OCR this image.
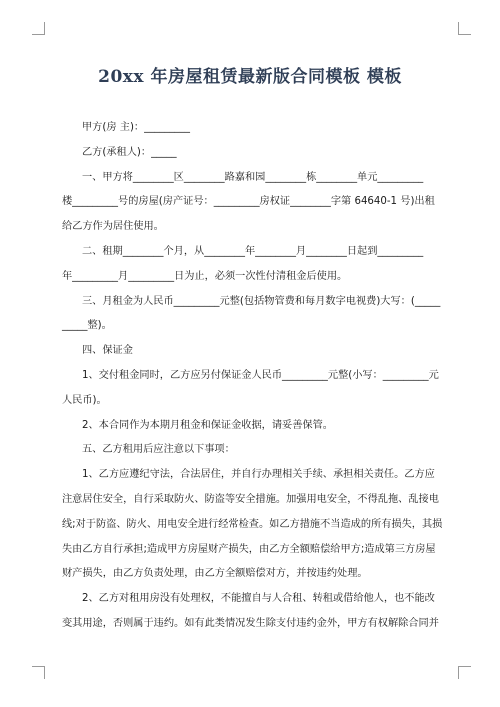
20xx 年房屋租赁最新版合同模板 模板

甲方(房 主)：_________

乙方(承租人)：_____

一、甲方将________区________路嘉和园________栋________单元_________

楼_________号的房屋(房产证号：_________房权证________字第 64640-1 号)出租

给乙方作为居住使用。

二、租期________个月，从________年________月________日起到_________

年_________月_________日为止，必须一次性付清租金后使用。

三、月租金为人民币_________元整(包括物管费和每月数字电视费)大写：(_____

_____整)。

四、保证金

1、交付租金同时，乙方应另付保证金人民币_________元整(小写：_________元

人民币)。

2、本合同作为本期月租金和保证金收据，请妥善保管。

五、乙方租用后应注意以下事项：

1、乙方应遵纪守法，合法居住，并自行办理相关手续、承担相关责任。乙方应

注意居住安全，自行采取防火、防盗等安全措施。加强用电安全，不得乱拖、乱接电

线;对于防盗、防火、用电安全进行经常检查。如乙方措施不当造成的所有损失，其损

失由乙方自行承担;造成甲方房屋财产损失，由乙方全额赔偿给甲方;造成第三方房屋

财产损失，由乙方负责处理，由乙方全额赔偿对方，并按违约处理。

2、乙方对租用房没有处理权，不能擅自与人合租、转租或借给他人，也不能改

变其用途，否则属于违约。如有此类情况发生除支付违约金外，甲方有权解除合同并
